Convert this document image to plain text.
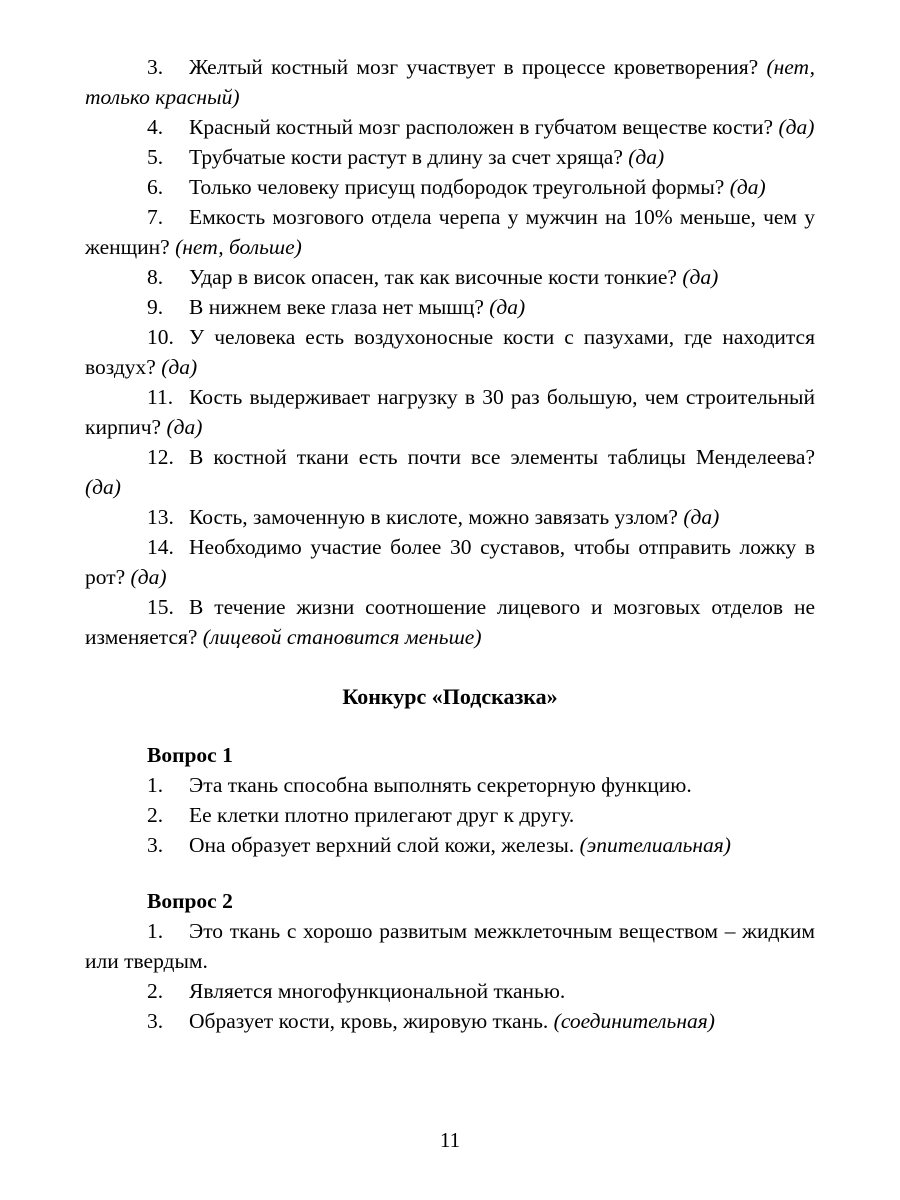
3. Желтый костный мозг участвует в процессе кроветворения? (нет, только красный)

4. Красный костный мозг расположен в губчатом веществе кости? (да)

5. Трубчатые кости растут в длину за счет хряща? (да)

6. Только человеку присущ подбородок треугольной формы? (да)

7. Емкость мозгового отдела черепа у мужчин на 10% меньше, чем у женщин? (нет, больше)

8. Удар в висок опасен, так как височные кости тонкие? (да)

9. В нижнем веке глаза нет мышц? (да)

10. У человека есть воздухоносные кости с пазухами, где находится воздух? (да)

11. Кость выдерживает нагрузку в 30 раз большую, чем строительный кирпич? (да)

12. В костной ткани есть почти все элементы таблицы Менделеева? (да)

13. Кость, замоченную в кислоте, можно завязать узлом? (да)

14. Необходимо участие более 30 суставов, чтобы отправить ложку в рот? (да)

15. В течение жизни соотношение лицевого и мозговых отделов не изменяется? (лицевой становится меньше)

Конкурс «Подсказка»

Вопрос 1

1. Эта ткань способна выполнять секреторную функцию.

2. Ее клетки плотно прилегают друг к другу.

3. Она образует верхний слой кожи, железы. (эпителиальная)

Вопрос 2

1. Это ткань с хорошо развитым межклеточным веществом – жидким или твердым.

2. Является многофункциональной тканью.

3. Образует кости, кровь, жировую ткань. (соединительная)

11
